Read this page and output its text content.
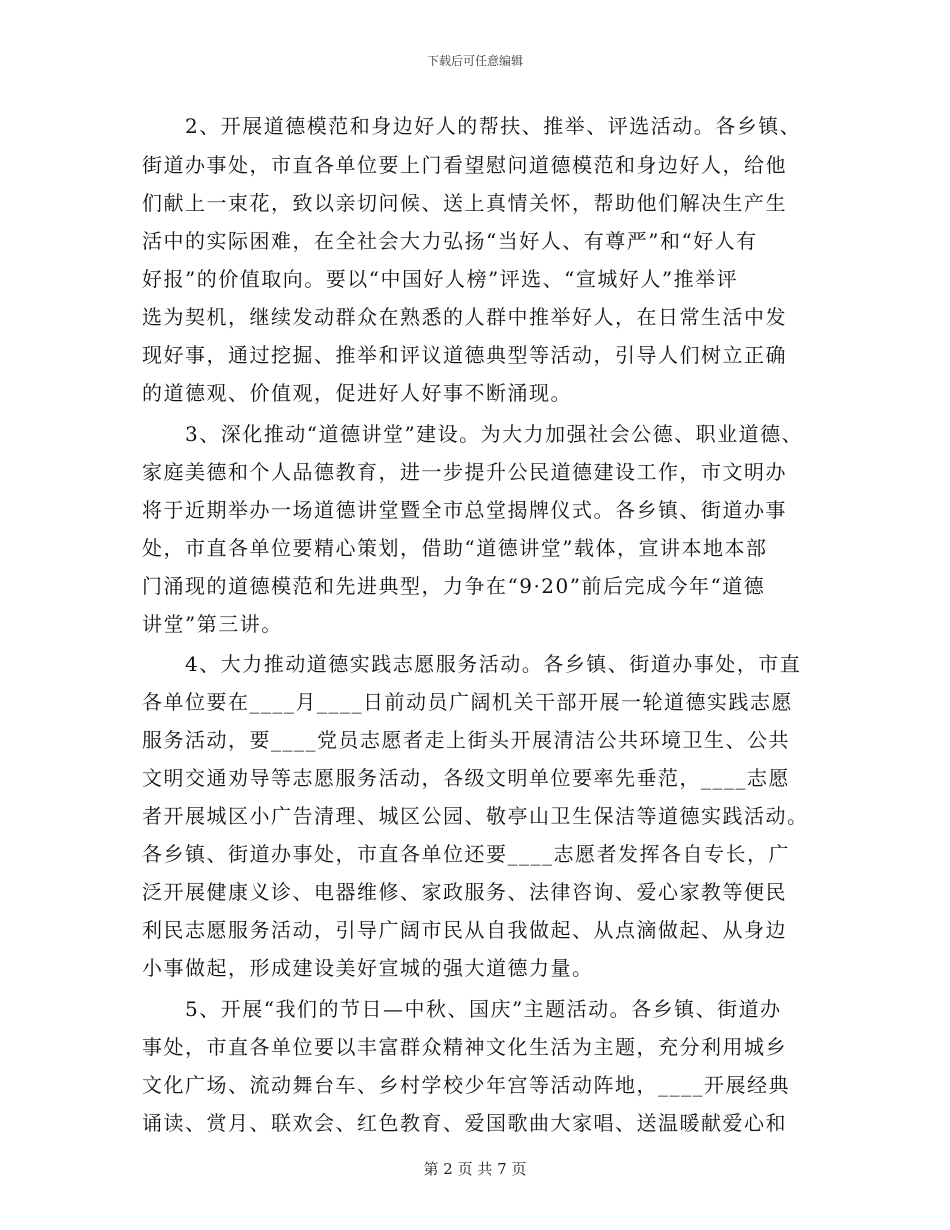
下载后可任意编辑
2、开展道德模范和身边好人的帮扶、推举、评选活动。各乡镇、
街道办事处，市直各单位要上门看望慰问道德模范和身边好人，给他
们献上一束花，致以亲切问候、送上真情关怀，帮助他们解决生产生
活中的实际困难，在全社会大力弘扬“当好人、有尊严”和“好人有
好报”的价值取向。要以“中国好人榜”评选、“宣城好人”推举评
选为契机，继续发动群众在熟悉的人群中推举好人，在日常生活中发
现好事，通过挖掘、推举和评议道德典型等活动，引导人们树立正确
的道德观、价值观，促进好人好事不断涌现。
3、深化推动“道德讲堂”建设。为大力加强社会公德、职业道德、
家庭美德和个人品德教育，进一步提升公民道德建设工作，市文明办
将于近期举办一场道德讲堂暨全市总堂揭牌仪式。各乡镇、街道办事
处，市直各单位要精心策划，借助“道德讲堂”载体，宣讲本地本部
门涌现的道德模范和先进典型，力争在“9·20”前后完成今年“道德
讲堂”第三讲。
4、大力推动道德实践志愿服务活动。各乡镇、街道办事处，市直
各单位要在____月____日前动员广阔机关干部开展一轮道德实践志愿
服务活动，要____党员志愿者走上街头开展清洁公共环境卫生、公共
文明交通劝导等志愿服务活动，各级文明单位要率先垂范，____志愿
者开展城区小广告清理、城区公园、敬亭山卫生保洁等道德实践活动。
各乡镇、街道办事处，市直各单位还要____志愿者发挥各自专长，广
泛开展健康义诊、电器维修、家政服务、法律咨询、爱心家教等便民
利民志愿服务活动，引导广阔市民从自我做起、从点滴做起、从身边
小事做起，形成建设美好宣城的强大道德力量。
5、开展“我们的节日—中秋、国庆”主题活动。各乡镇、街道办
事处，市直各单位要以丰富群众精神文化生活为主题，充分利用城乡
文化广场、流动舞台车、乡村学校少年宫等活动阵地，____开展经典
诵读、赏月、联欢会、红色教育、爱国歌曲大家唱、送温暖献爱心和
第 2 页 共 7 页
